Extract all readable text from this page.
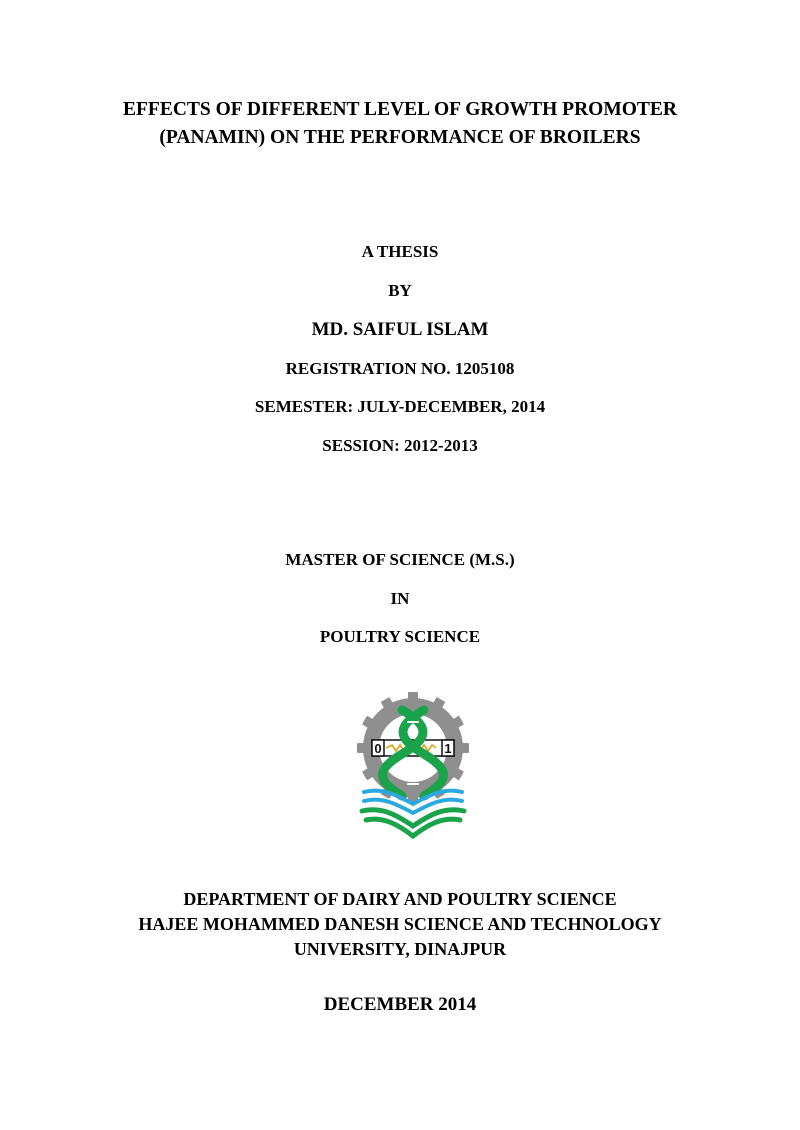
EFFECTS OF DIFFERENT LEVEL OF GROWTH PROMOTER
(PANAMIN) ON THE PERFORMANCE OF BROILERS
A THESIS
BY
MD. SAIFUL ISLAM
REGISTRATION NO. 1205108
SEMESTER: JULY-DECEMBER, 2014
SESSION: 2012-2013
MASTER OF SCIENCE (M.S.)
IN
POULTRY SCIENCE
0	1
DEPARTMENT OF DAIRY AND POULTRY SCIENCE
HAJEE MOHAMMED DANESH SCIENCE AND TECHNOLOGY
UNIVERSITY, DINAJPUR
DECEMBER 2014
